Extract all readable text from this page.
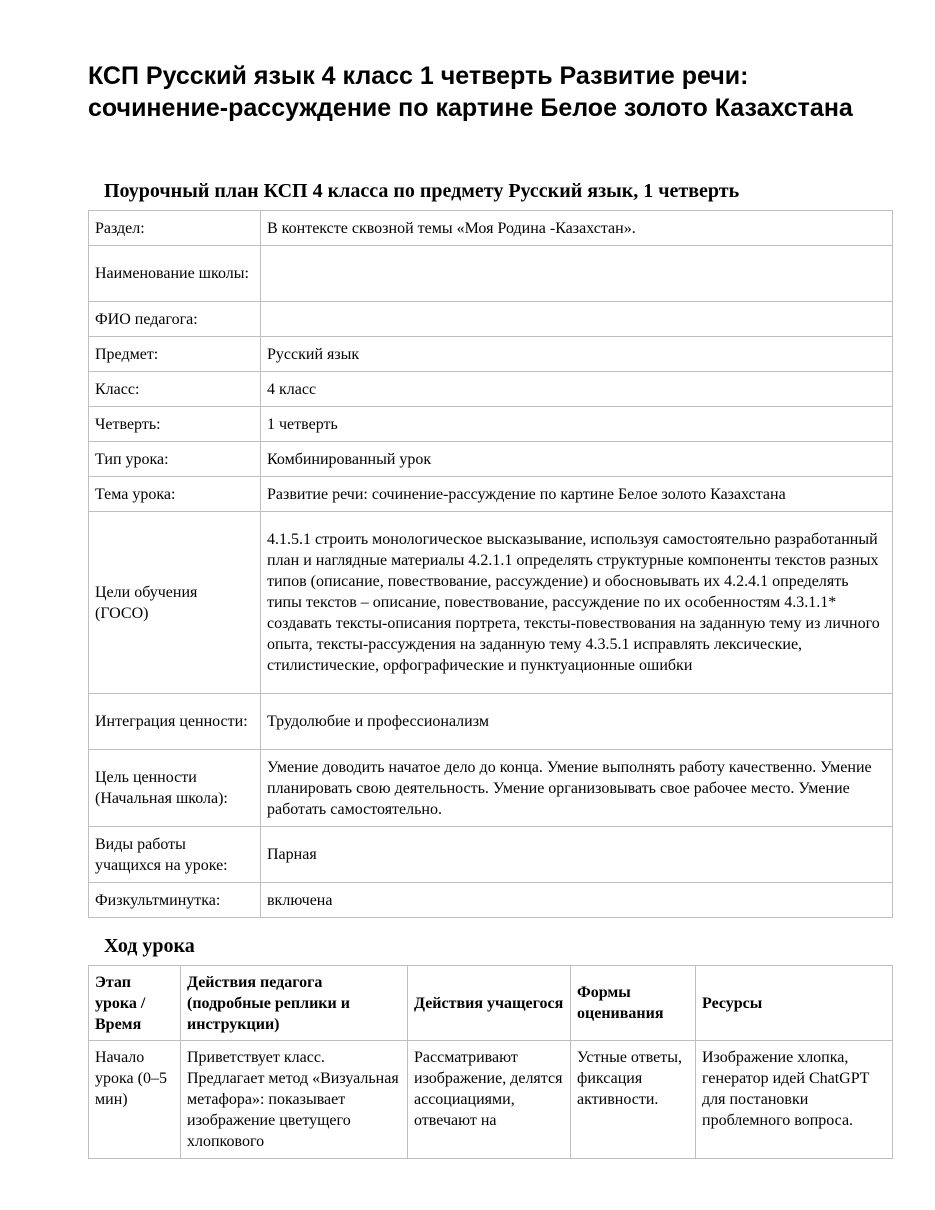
КСП Русский язык 4 класс 1 четверть Развитие речи: сочинение-рассуждение по картине Белое золото Казахстана
Поурочный план КСП 4 класса по предмету Русский язык, 1 четверть
Раздел:	В контексте сквозной темы «Моя Родина -Казахстан».
Наименование школы:	
ФИО педагога:	
Предмет:	Русский язык
Класс:	4 класс
Четверть:	1 четверть
Тип урока:	Комбинированный урок
Тема урока:	Развитие речи: сочинение-рассуждение по картине Белое золото Казахстана
Цели обучения (ГОСО)	4.1.5.1 строить монологическое высказывание, используя самостоятельно разработанный план и наглядные материалы 4.2.1.1 определять структурные компоненты текстов разных типов (описание, повествование, рассуждение) и обосновывать их 4.2.4.1 определять типы текстов – описание, повествование, рассуждение по их особенностям 4.3.1.1* создавать тексты-описания портрета, тексты-повествования на заданную тему из личного опыта, тексты-рассуждения на заданную тему 4.3.5.1 исправлять лексические, стилистические, орфографические и пунктуационные ошибки
Интеграция ценности:	Трудолюбие и профессионализм
Цель ценности (Начальная школа):	Умение доводить начатое дело до конца. Умение выполнять работу качественно. Умение планировать свою деятельность. Умение организовывать свое рабочее место. Умение работать самостоятельно.
Виды работы учащихся на уроке:	Парная
Физкультминутка:	включена
Ход урока
Этап урока / Время	Действия педагога (подробные реплики и инструкции)	Действия учащегося	Формы оценивания	Ресурсы
Начало урока (0–5 мин)	Приветствует класс. Предлагает метод «Визуальная метафора»: показывает изображение цветущего хлопкового	Рассматривают изображение, делятся ассоциациями, отвечают на	Устные ответы, фиксация активности.	Изображение хлопка, генератор идей ChatGPT для постановки проблемного вопроса.
